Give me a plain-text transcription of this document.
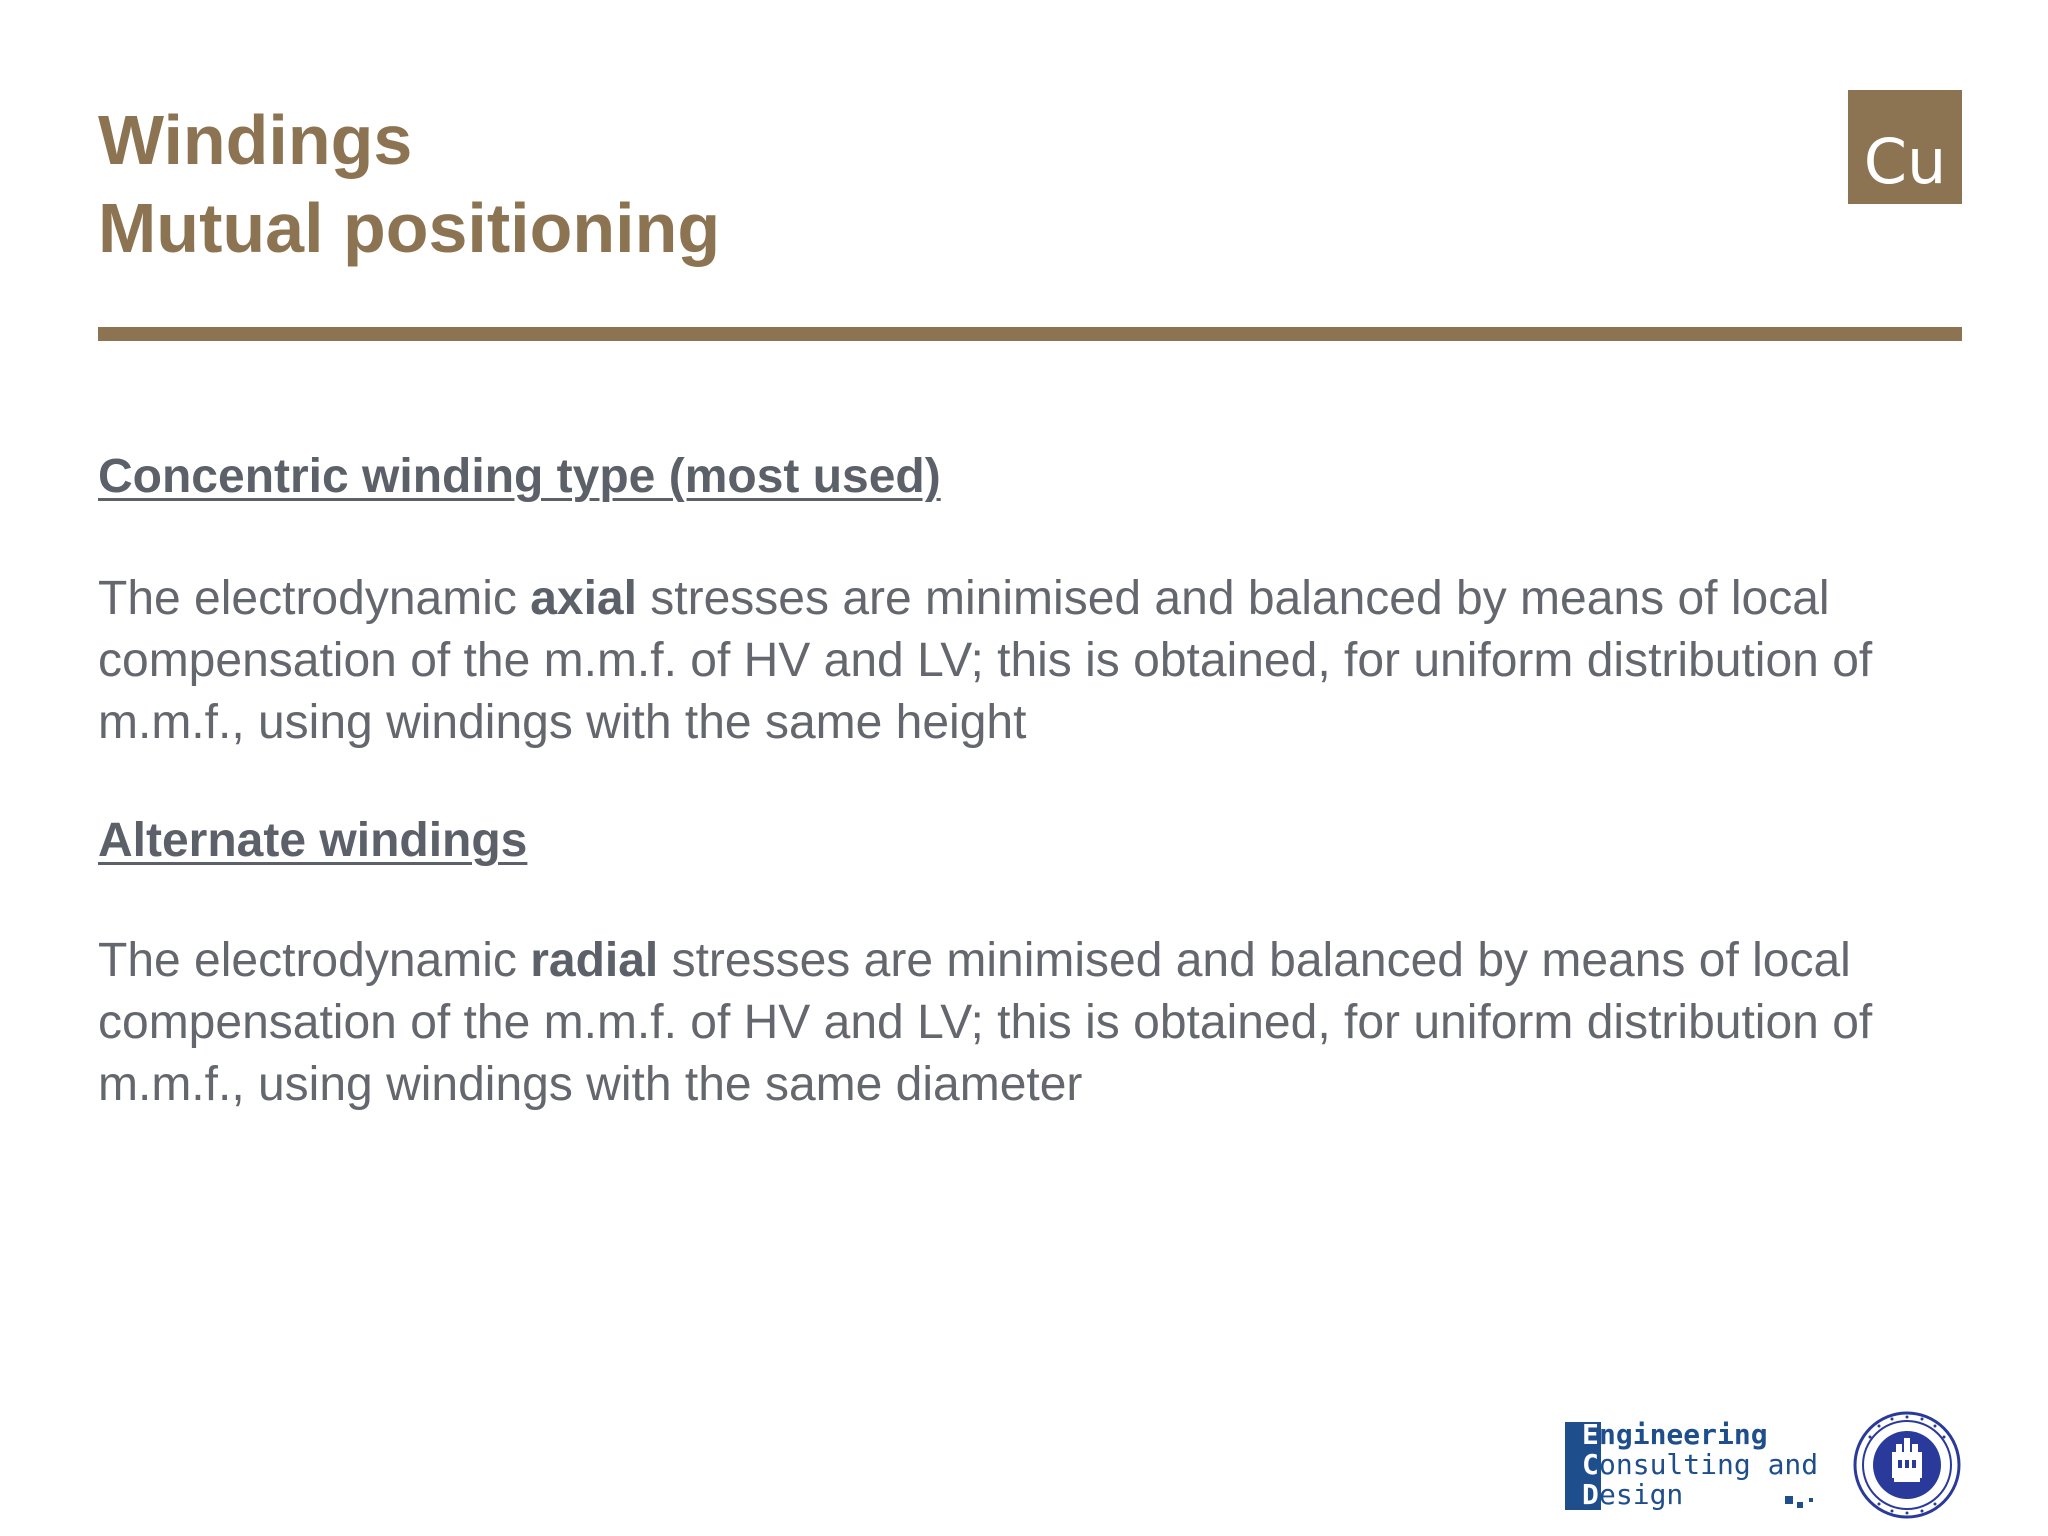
Windings
Mutual positioning
Cu

Concentric winding type (most used)

The electrodynamic axial stresses are minimised and balanced by means of local compensation of the m.m.f. of HV and LV; this is obtained, for uniform distribution of m.m.f., using windings with the same height

Alternate windings

The electrodynamic radial stresses are minimised and balanced by means of local compensation of the m.m.f. of HV and LV; this is obtained, for uniform distribution of m.m.f., using windings with the same diameter

Engineering
Consulting and
Design
